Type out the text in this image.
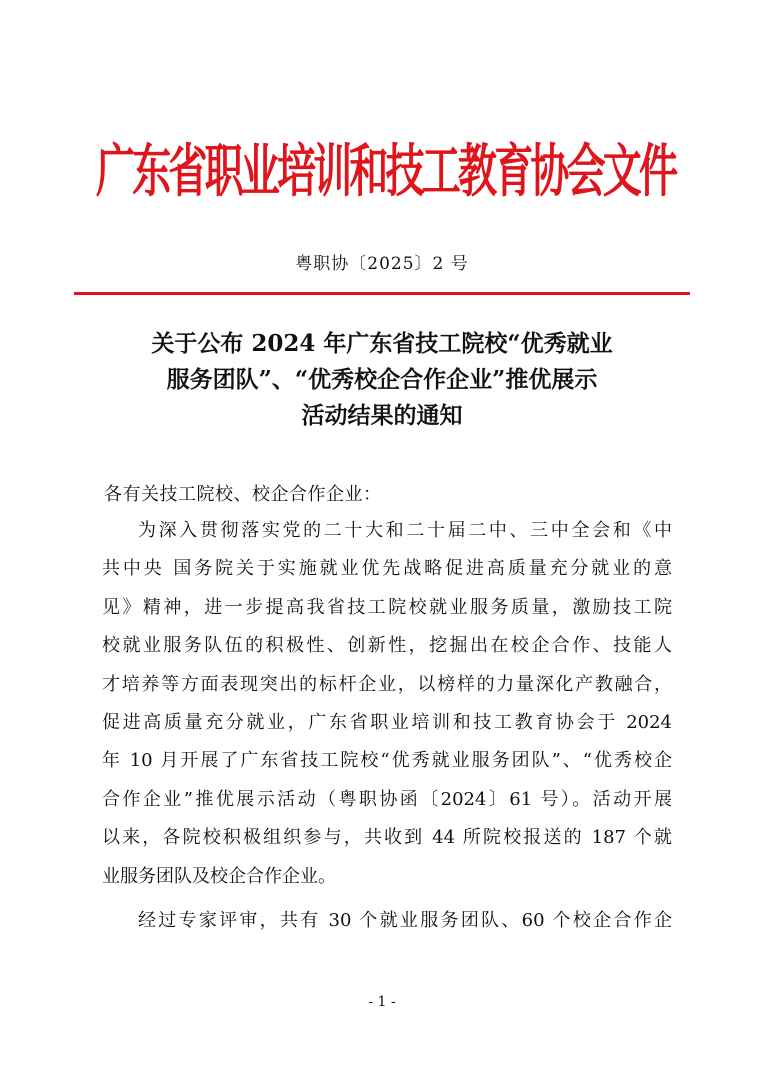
广东省职业培训和技工教育协会文件
粤职协〔2025〕2 号
关于公布 2024 年广东省技工院校“优秀就业
服务团队”、“优秀校企合作企业”推优展示
活动结果的通知
各有关技工院校、校企合作企业：
为深入贯彻落实党的二十大和二十届二中、三中全会和《中
共中央 国务院关于实施就业优先战略促进高质量充分就业的意
见》精神，进一步提高我省技工院校就业服务质量，激励技工院
校就业服务队伍的积极性、创新性，挖掘出在校企合作、技能人
才培养等方面表现突出的标杆企业，以榜样的力量深化产教融合，
促进高质量充分就业，广东省职业培训和技工教育协会于 2024
年 10 月开展了广东省技工院校“优秀就业服务团队”、“优秀校企
合作企业”推优展示活动（粤职协函〔2024〕61 号）。活动开展
以来，各院校积极组织参与，共收到 44 所院校报送的 187 个就
业服务团队及校企合作企业。
经过专家评审，共有 30 个就业服务团队、60 个校企合作企
- 1 -
